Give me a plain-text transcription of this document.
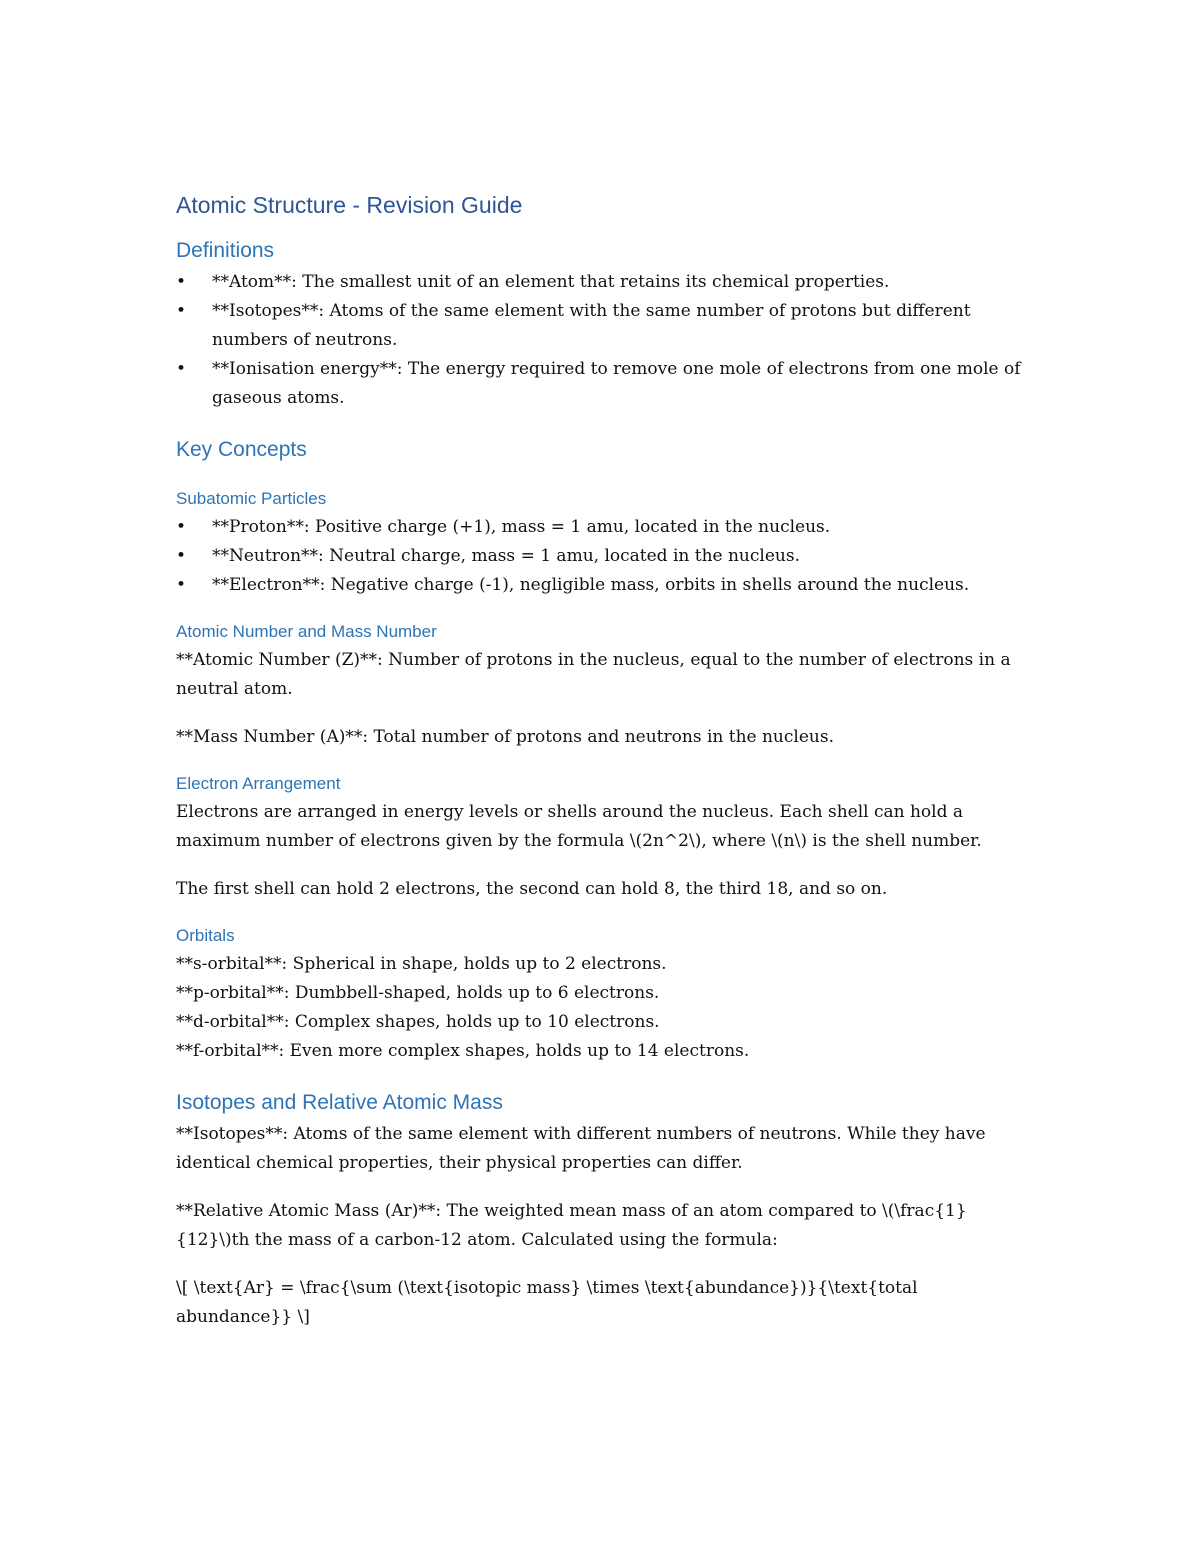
Atomic Structure - Revision Guide
Definitions
•	**Atom**: The smallest unit of an element that retains its chemical properties.
•	**Isotopes**: Atoms of the same element with the same number of protons but different numbers of neutrons.
•	**Ionisation energy**: The energy required to remove one mole of electrons from one mole of gaseous atoms.
Key Concepts
Subatomic Particles
•	**Proton**: Positive charge (+1), mass = 1 amu, located in the nucleus.
•	**Neutron**: Neutral charge, mass = 1 amu, located in the nucleus.
•	**Electron**: Negative charge (-1), negligible mass, orbits in shells around the nucleus.
Atomic Number and Mass Number

**Atomic Number (Z)**: Number of protons in the nucleus, equal to the number of electrons in a neutral atom.

**Mass Number (A)**: Total number of protons and neutrons in the nucleus.

Electron Arrangement

Electrons are arranged in energy levels or shells around the nucleus. Each shell can hold a maximum number of electrons given by the formula \(2n^2\), where \(n\) is the shell number.

The first shell can hold 2 electrons, the second can hold 8, the third 18, and so on.

Orbitals

**s-orbital**: Spherical in shape, holds up to 2 electrons.

**p-orbital**: Dumbbell-shaped, holds up to 6 electrons.

**d-orbital**: Complex shapes, holds up to 10 electrons.

**f-orbital**: Even more complex shapes, holds up to 14 electrons.

Isotopes and Relative Atomic Mass

**Isotopes**: Atoms of the same element with different numbers of neutrons. While they have identical chemical properties, their physical properties can differ.

**Relative Atomic Mass (Ar)**: The weighted mean mass of an atom compared to \(\frac{1}{12}\)th the mass of a carbon-12 atom. Calculated using the formula:

\[ \text{Ar} = \frac{\sum (\text{isotopic mass} \times \text{abundance})}{\text{total abundance}} \]
